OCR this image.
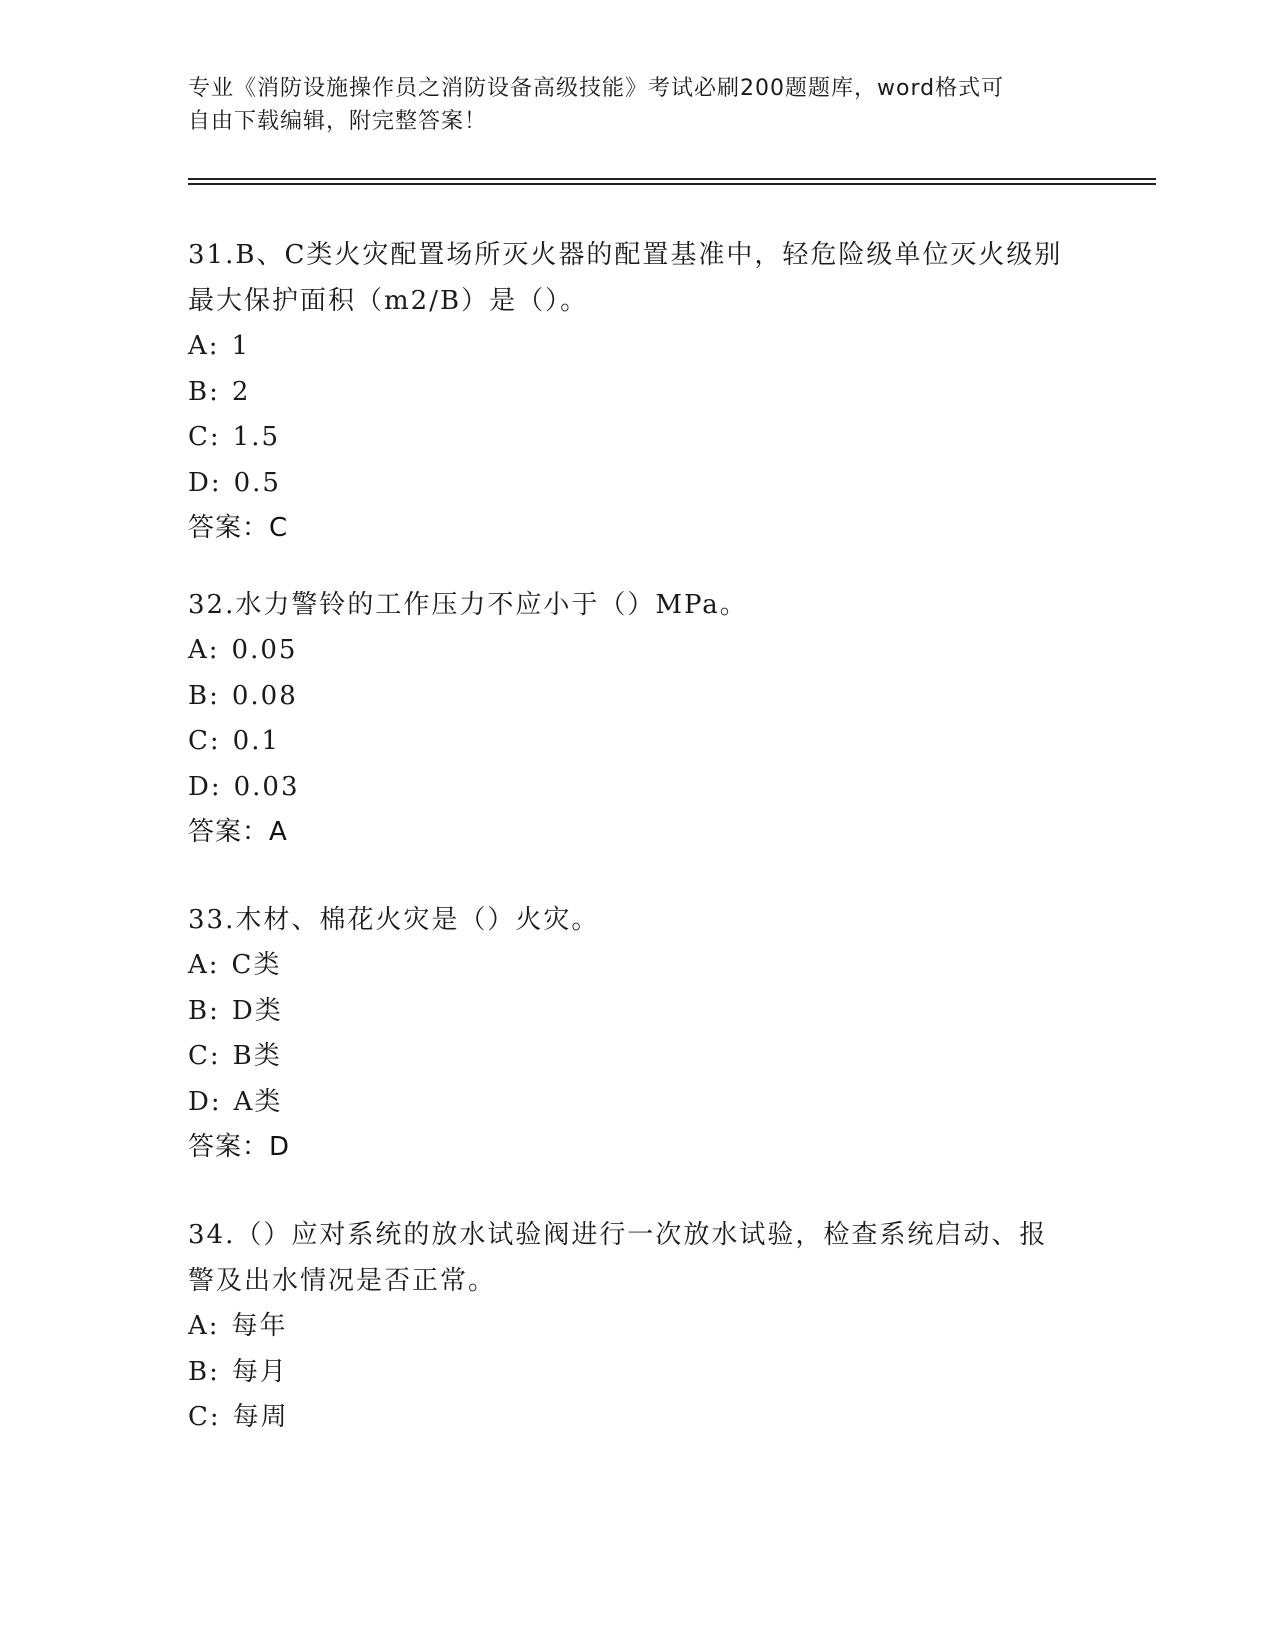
专业《消防设施操作员之消防设备高级技能》考试必刷200题题库，word格式可
自由下载编辑，附完整答案！
31.B、C类火灾配置场所灭火器的配置基准中，轻危险级单位灭火级别
最大保护面积（m2/B）是（）。
A: 1
B: 2
C: 1.5
D: 0.5
答案：C
32.水力警铃的工作压力不应小于（）MPa。
A: 0.05
B: 0.08
C: 0.1
D: 0.03
答案：A
33.木材、棉花火灾是（）火灾。
A: C类
B: D类
C: B类
D: A类
答案：D
34.（）应对系统的放水试验阀进行一次放水试验，检查系统启动、报
警及出水情况是否正常。
A: 每年
B: 每月
C: 每周
